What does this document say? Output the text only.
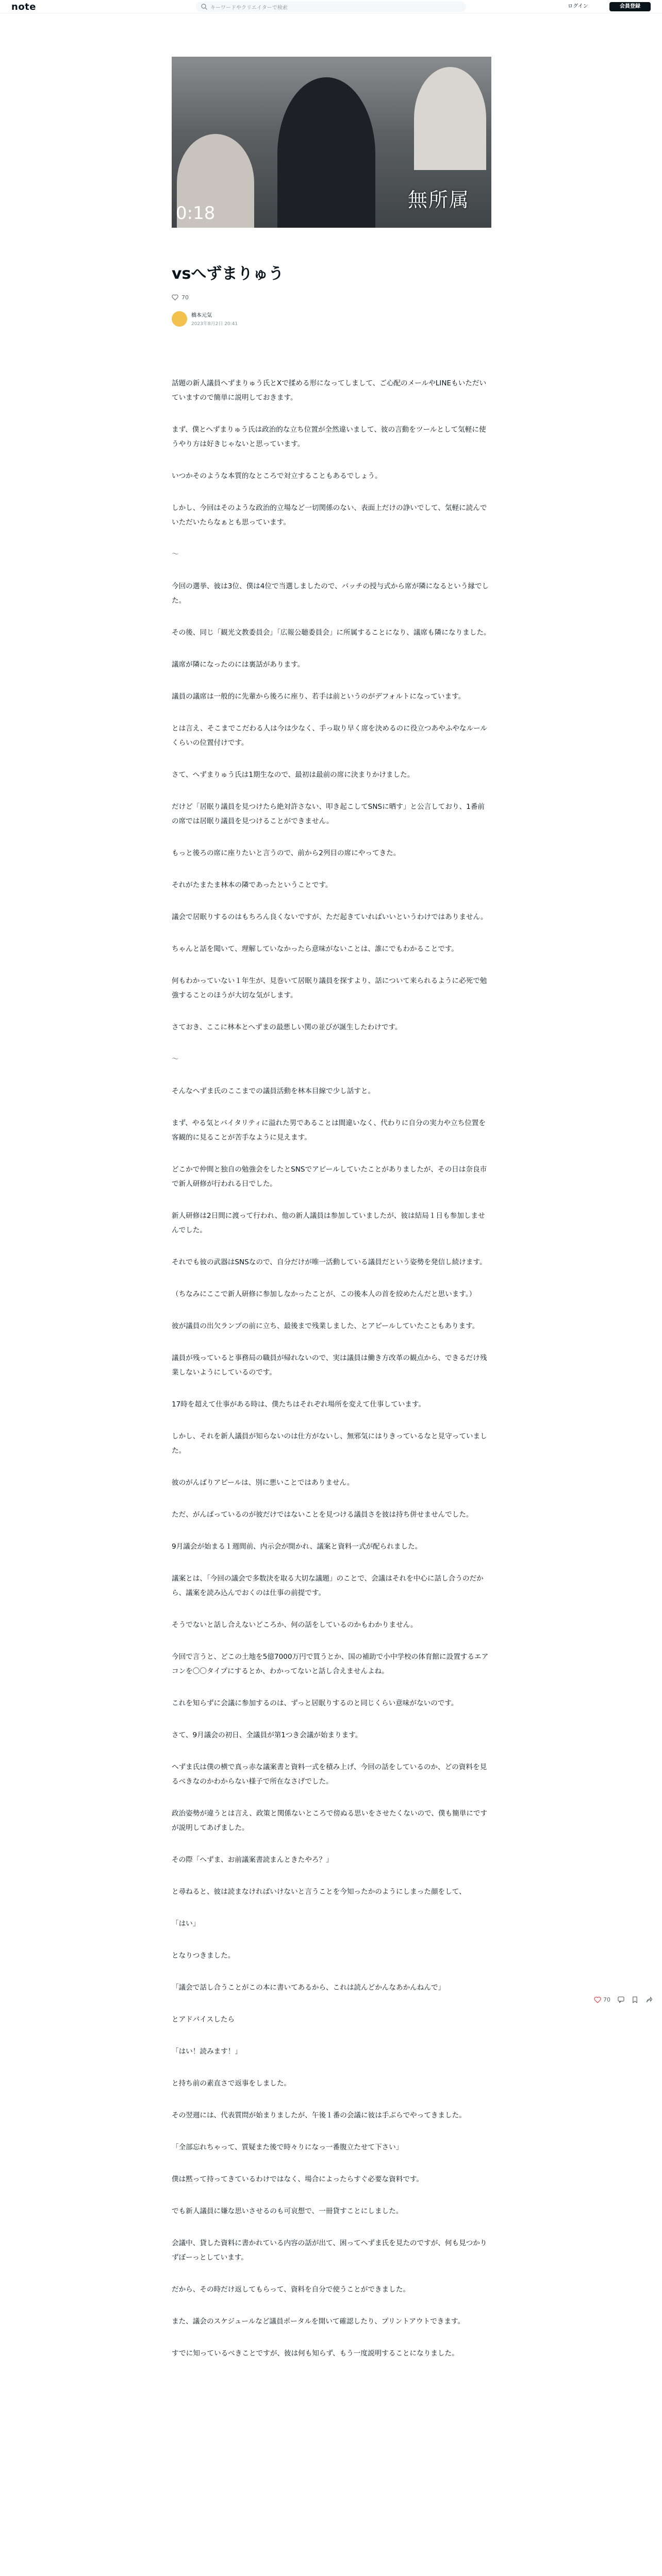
note	キーワードやクリエイターで検索	ログイン	会員登録
0:18
無所属
vsへずまりゅう
70
橋本元気
2023年8月2日 20:41

話題の新人議員へずまりゅう氏とXで揉める形になってしまして、ご心配のメールやLINEもいただいていますので簡単に説明しておきます。

まず、僕とへずまりゅう氏は政治的な立ち位置が全然違いまして、彼の言動をツールとして気軽に使うやり方は好きじゃないと思っています。

いつかそのような本質的なところで対立することもあるでしょう。

しかし、今回はそのような政治的立場など一切関係のない、表面上だけの諍いでして、気軽に読んでいただいたらなぁとも思っています。

〜

今回の選挙、彼は3位、僕は4位で当選しましたので、バッチの授与式から席が隣になるという縁でした。

その後、同じ「観光文教委員会」「広報公聴委員会」に所属することになり、議席も隣になりました。

議席が隣になったのには裏話があります。

議員の議席は一般的に先輩から後ろに座り、若手は前というのがデフォルトになっています。

とは言え、そこまでこだわる人は今は少なく、手っ取り早く席を決めるのに役立つあやふやなルールくらいの位置付けです。

さて、へずまりゅう氏は1期生なので、最初は最前の席に決まりかけました。

だけど「居眠り議員を見つけたら絶対許さない、叩き起こしてSNSに晒す」と公言しており、1番前の席では居眠り議員を見つけることができません。

もっと後ろの席に座りたいと言うので、前から2列目の席にやってきた。

それがたまたま林本の隣であったということです。

議会で居眠りするのはもちろん良くないですが、ただ起きていればいいというわけではありません。

ちゃんと話を聞いて、理解していなかったら意味がないことは、誰にでもわかることです。

何もわかっていない１年生が、見巻いて居眠り議員を探すより、話について来られるように必死で勉強することのほうが大切な気がします。

さておき、ここに林本とへずまの最悪しい関の並びが誕生したわけです。

〜

そんなへずま氏のここまでの議員活動を林本目線で少し話すと。

まず、やる気とバイタリティに溢れた男であることは間違いなく、代わりに自分の実力や立ち位置を客観的に見ることが苦手なように見えます。

どこかで仲間と独自の勉強会をしたとSNSでアピールしていたことがありましたが、その日は奈良市で新人研修が行われる日でした。

新人研修は2日間に渡って行われ、他の新人議員は参加していましたが、彼は結局１日も参加しませんでした。

それでも彼の武器はSNSなので、自分だけが唯一活動している議員だという姿勢を発信し続けます。

（ちなみにここで新人研修に参加しなかったことが、この後本人の首を絞めたんだと思います。）

彼が議員の出欠ランプの前に立ち、最後まで残業しました、とアピールしていたこともあります。

議員が残っていると事務局の職員が帰れないので、実は議員は働き方改革の観点から、できるだけ残業しないようにしているのです。

17時を超えて仕事がある時は、僕たちはそれぞれ場所を変えて仕事しています。

しかし、それを新人議員が知らないのは仕方がないし、無邪気にはりきっているなと見守っていました。

彼のがんばりアピールは、別に悪いことではありません。

ただ、がんばっているのが彼だけではないことを見つける議員さを彼は持ち併せませんでした。

9月議会が始まる１週間前、内示会が開かれ、議案と資料一式が配られました。

議案とは、「今回の議会で多数決を取る大切な議題」のことで、会議はそれを中心に話し合うのだから、議案を読み込んでおくのは仕事の前提です。

そうでないと話し合えないどころか、何の話をしているのかもわかりません。

今回で言うと、どこの土地を5億7000万円で買うとか、国の補助で小中学校の体育館に設置するエアコンを〇〇タイプにするとか、わかってないと話し合えませんよね。

これを知らずに会議に参加するのは、ずっと居眠りするのと同じくらい意味がないのです。

さて、9月議会の初日、全議員が第1つき会議が始まります。

へずま氏は僕の横で真っ赤な議案書と資料一式を積み上げ、今回の話をしているのか、どの資料を見るべきなのかわからない様子で所在なさげでした。

政治姿勢が違うとは言え、政策と関係ないところで傍ぬる思いをさせたくないので、僕も簡単にですが説明してあげました。

その際「へずま、お前議案書読まんときたやろ？」

と尋ねると、彼は読まなければいけないと言うことを今知ったかのようにしまった顔をして、

「はい」

となりつきました。

「議会で話し合うことがこの本に書いてあるから、これは読んどかんなあかんねんで」

とアドバイスしたら

「はい！読みます！」

と持ち前の素直さで返事をしました。

その翌週には、代表質問が始まりましたが、午後１番の会議に彼は手ぶらでやってきました。

「全部忘れちゃって、質疑また後で時々りになっ一番腹立たせて下さい」

僕は黙って持ってきているわけではなく、場合によったらすぐ必要な資料です。

でも新人議員に嫌な思いさせるのも可哀想で、一冊貸すことにしました。

会議中、貸した資料に書かれている内容の話が出て、困ってへずま氏を見たのですが、何も見つかりずぼーっとしています。

だから、その時だけ返してもらって、資料を自分で使うことができました。

また、議会のスケジュールなど議員ポータルを開いて確認したり、プリントアウトできます。

すでに知っているべきことですが、彼は何も知らず、もう一度説明することになりました。

70
